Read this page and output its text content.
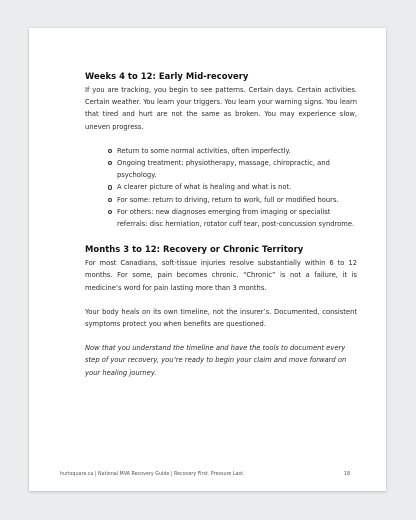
Weeks 4 to 12: Early Mid-recovery

If you are tracking, you begin to see patterns. Certain days. Certain activities. Certain weather. You learn your triggers. You learn your warning signs. You learn that tired and hurt are not the same as broken. You may experience slow, uneven progress.

Return to some normal activities, often imperfectly.
Ongoing treatment: physiotherapy, massage, chiropractic, and psychology.
A clearer picture of what is healing and what is not.
For some: return to driving, return to work, full or modified hours.
For others: new diagnoses emerging from imaging or specialist referrals: disc herniation, rotator cuff tear, post-concussion syndrome.
Months 3 to 12: Recovery or Chronic Territory

For most Canadians, soft-tissue injuries resolve substantially within 6 to 12 months. For some, pain becomes chronic. “Chronic” is not a failure, it is medicine’s word for pain lasting more than 3 months.

Your body heals on its own timeline, not the insurer’s. Documented, consistent symptoms protect you when benefits are questioned.

Now that you understand the timeline and have the tools to document every step of your recovery, you’re ready to begin your claim and move forward on your healing journey.

hurtsquare.ca | National MVA Recovery Guide | Recovery First. Pressure Last.	18
